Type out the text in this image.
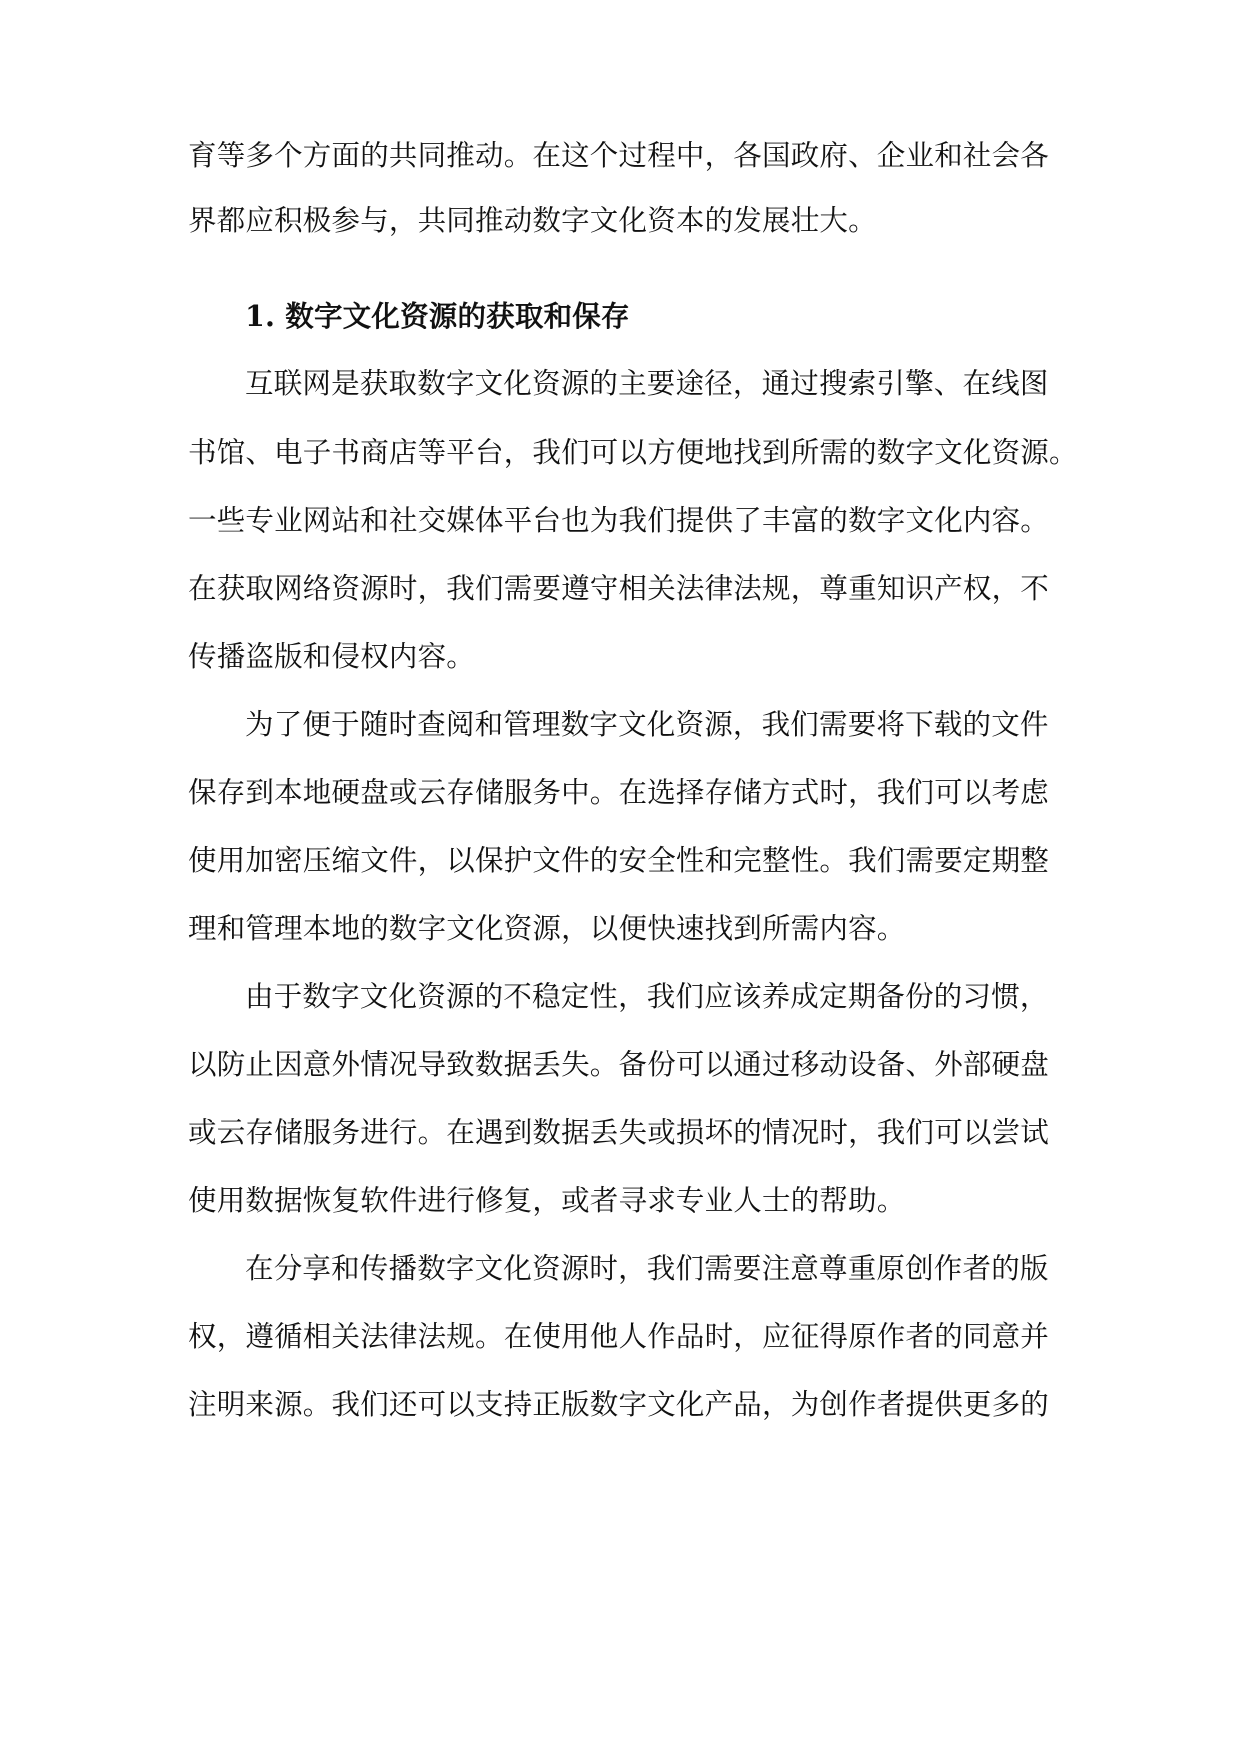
育等多个方面的共同推动。在这个过程中，各国政府、企业和社会各
界都应积极参与，共同推动数字文化资本的发展壮大。
1. 数字文化资源的获取和保存
互联网是获取数字文化资源的主要途径，通过搜索引擎、在线图
书馆、电子书商店等平台，我们可以方便地找到所需的数字文化资源。
一些专业网站和社交媒体平台也为我们提供了丰富的数字文化内容。
在获取网络资源时，我们需要遵守相关法律法规，尊重知识产权，不
传播盗版和侵权内容。
为了便于随时查阅和管理数字文化资源，我们需要将下载的文件
保存到本地硬盘或云存储服务中。在选择存储方式时，我们可以考虑
使用加密压缩文件，以保护文件的安全性和完整性。我们需要定期整
理和管理本地的数字文化资源，以便快速找到所需内容。
由于数字文化资源的不稳定性，我们应该养成定期备份的习惯，
以防止因意外情况导致数据丢失。备份可以通过移动设备、外部硬盘
或云存储服务进行。在遇到数据丢失或损坏的情况时，我们可以尝试
使用数据恢复软件进行修复，或者寻求专业人士的帮助。
在分享和传播数字文化资源时，我们需要注意尊重原创作者的版
权，遵循相关法律法规。在使用他人作品时，应征得原作者的同意并
注明来源。我们还可以支持正版数字文化产品，为创作者提供更多的
